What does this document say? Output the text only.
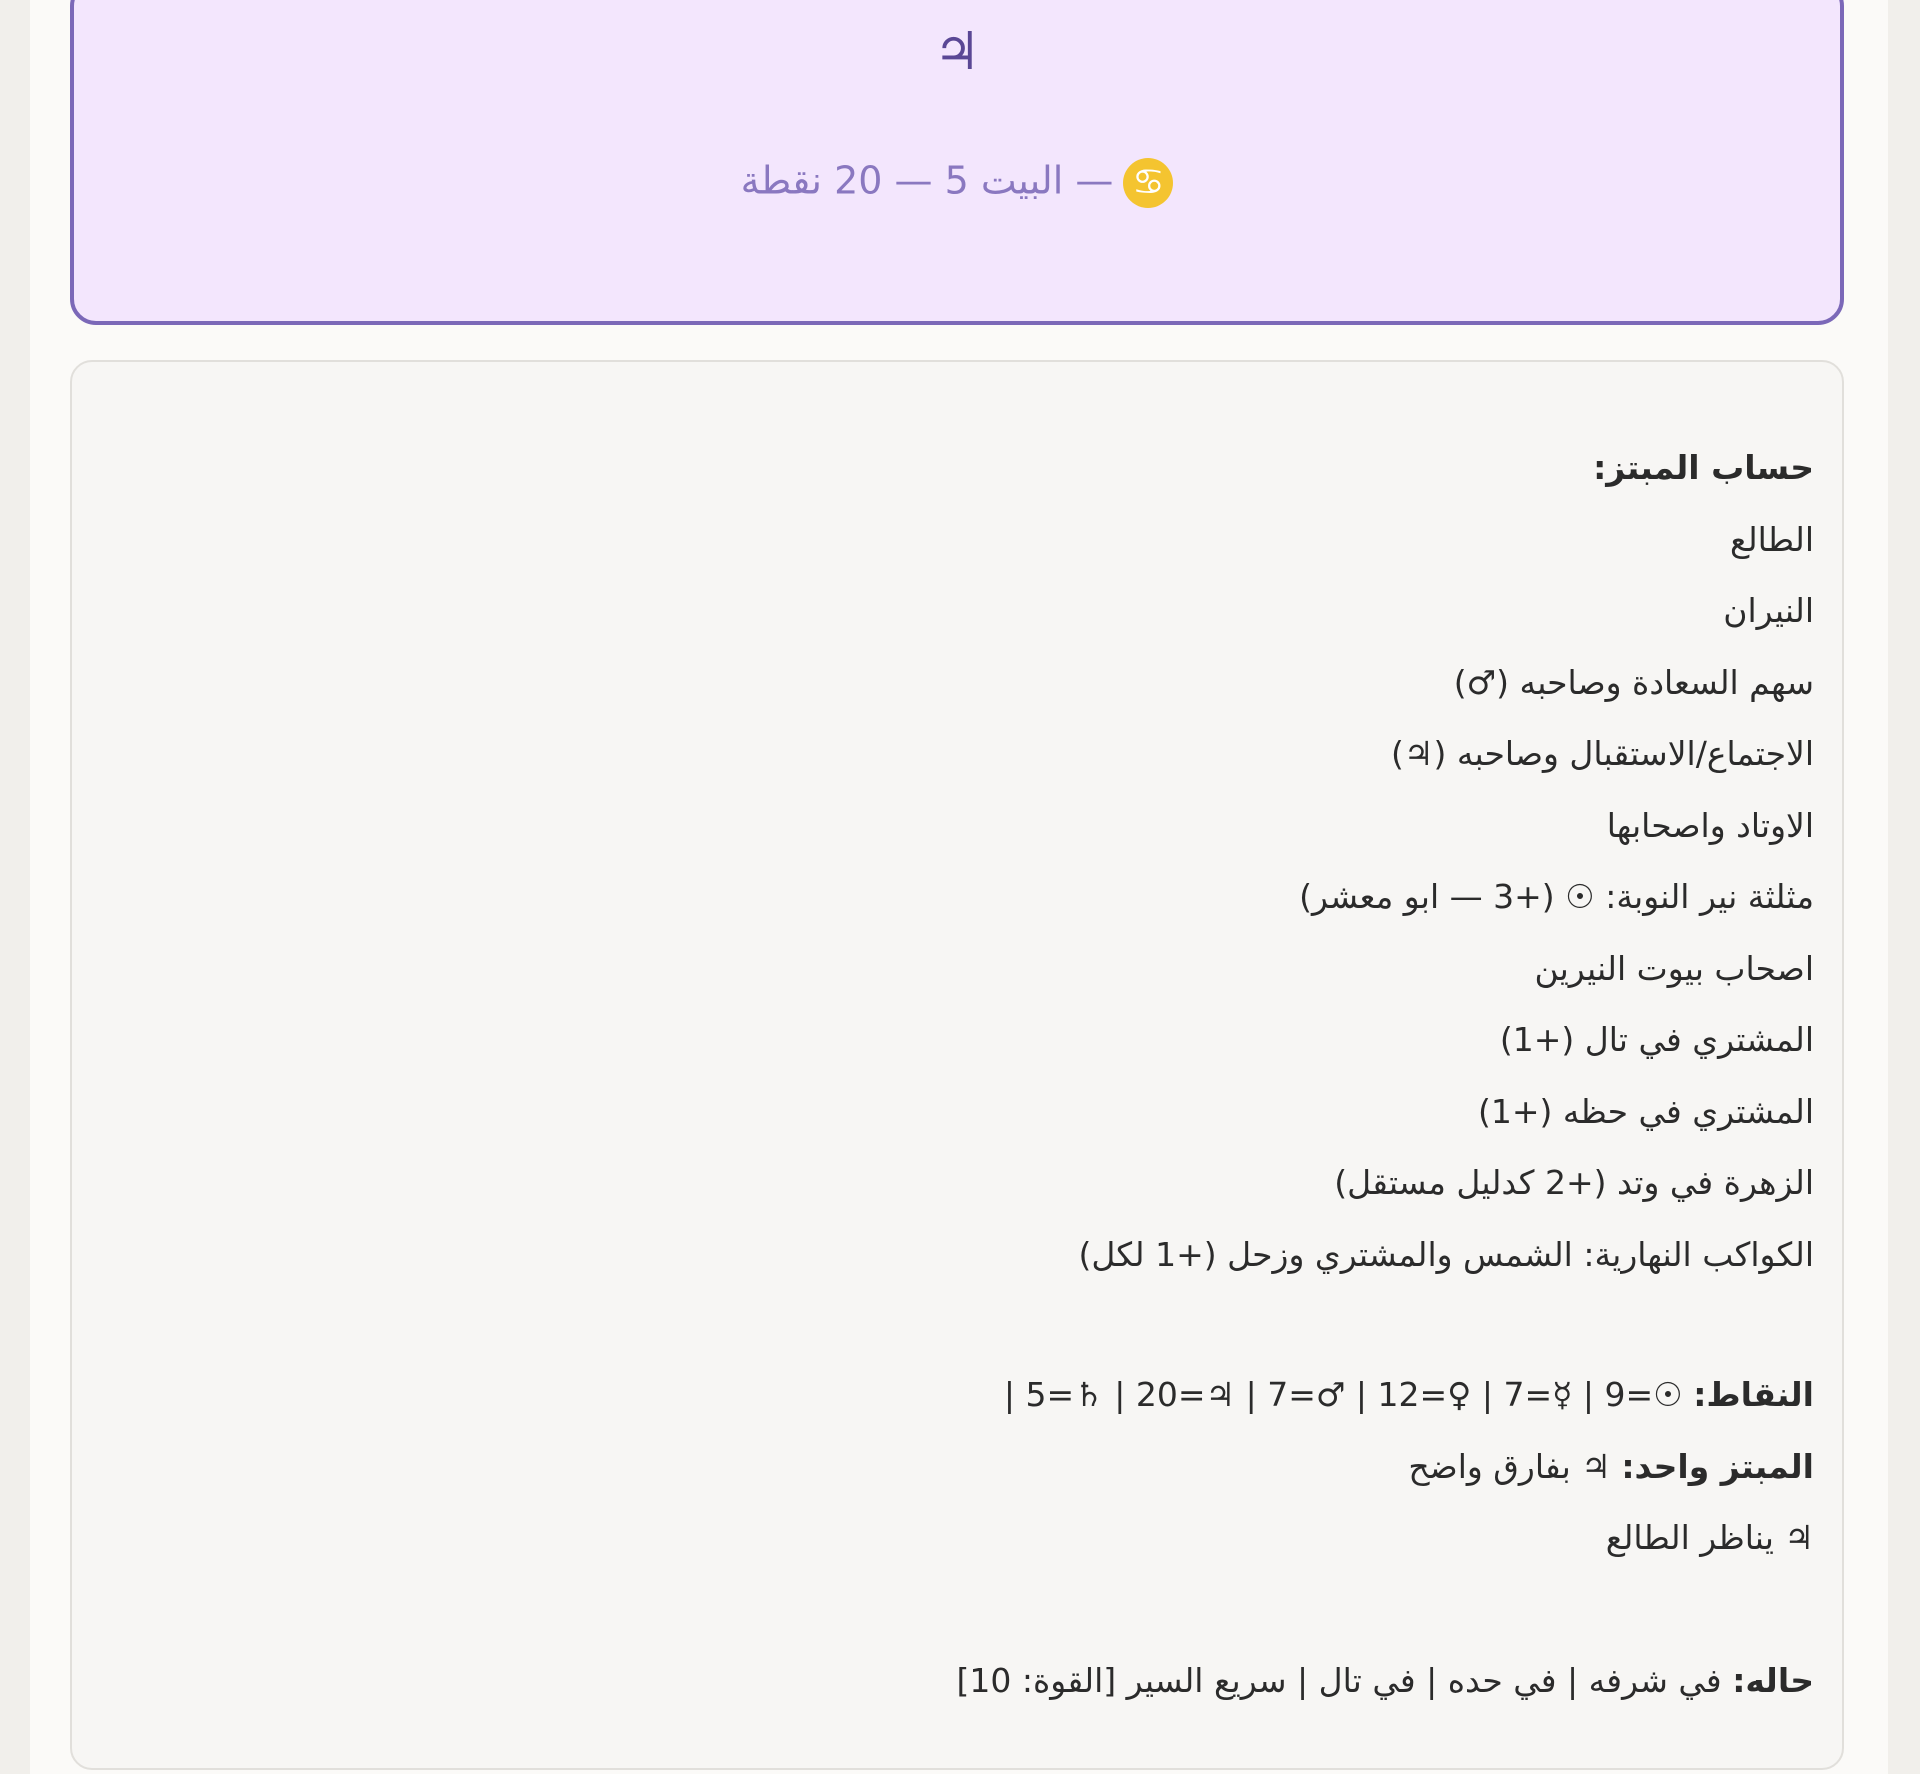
♃
♋— البيت 5 — 20 نقطة
حساب المبتز:
الطالع
النيران
سهم السعادة وصاحبه (♂)
الاجتماع/الاستقبال وصاحبه (♃)
الاوتاد واصحابها
مثلثة نير النوبة: ☉ (+3 — ابو معشر)
اصحاب بيوت النيرين
المشتري في تال (+1)
المشتري في حظه (+1)
الزهرة في وتد (+2 كدليل مستقل)
الكواكب النهارية: الشمس والمشتري وزحل (+1 لكل)
النقاط: ☉=9 | ☿=7 | ♀=12 | ♂=7 | ♃=20 | ♄=5 |
المبتز واحد: ♃ بفارق واضح
♃ يناظر الطالع
حاله: في شرفه | في حده | في تال | سريع السير [القوة: 10]
